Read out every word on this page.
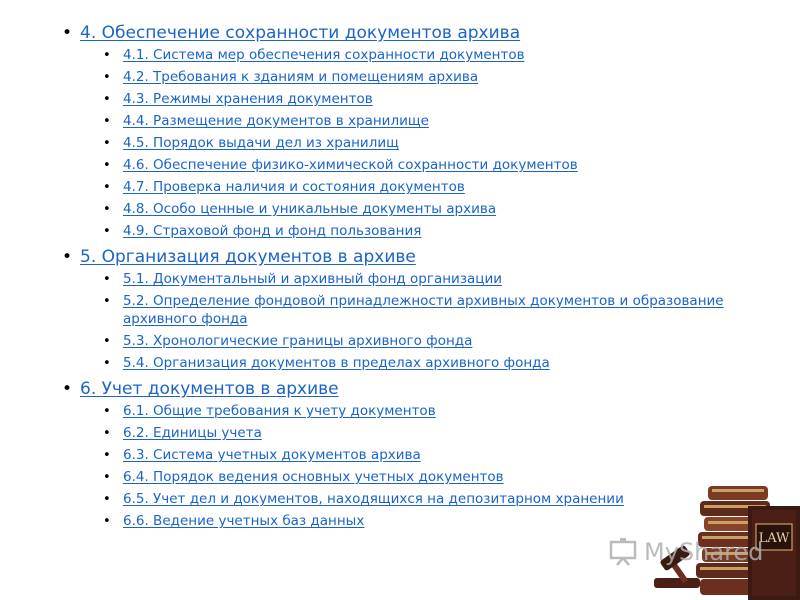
• 4. Обеспечение сохранности документов архива
• 4.1. Система мер обеспечения сохранности документов
• 4.2. Требования к зданиям и помещениям архива
• 4.3. Режимы хранения документов
• 4.4. Размещение документов в хранилище
• 4.5. Порядок выдачи дел из хранилищ
• 4.6. Обеспечение физико-химической сохранности документов
• 4.7. Проверка наличия и состояния документов
• 4.8. Особо ценные и уникальные документы архива
• 4.9. Страховой фонд и фонд пользования
• 5. Организация документов в архиве
• 5.1. Документальный и архивный фонд организации
• 5.2. Определение фондовой принадлежности архивных документов и образование архивного фонда
• 5.3. Хронологические границы архивного фонда
• 5.4. Организация документов в пределах архивного фонда
• 6. Учет документов в архиве
• 6.1. Общие требования к учету документов
• 6.2. Единицы учета
• 6.3. Система учетных документов архива
• 6.4. Порядок ведения основных учетных документов
• 6.5. Учет дел и документов, находящихся на депозитарном хранении
• 6.6. Ведение учетных баз данных
LAW
MyShared
